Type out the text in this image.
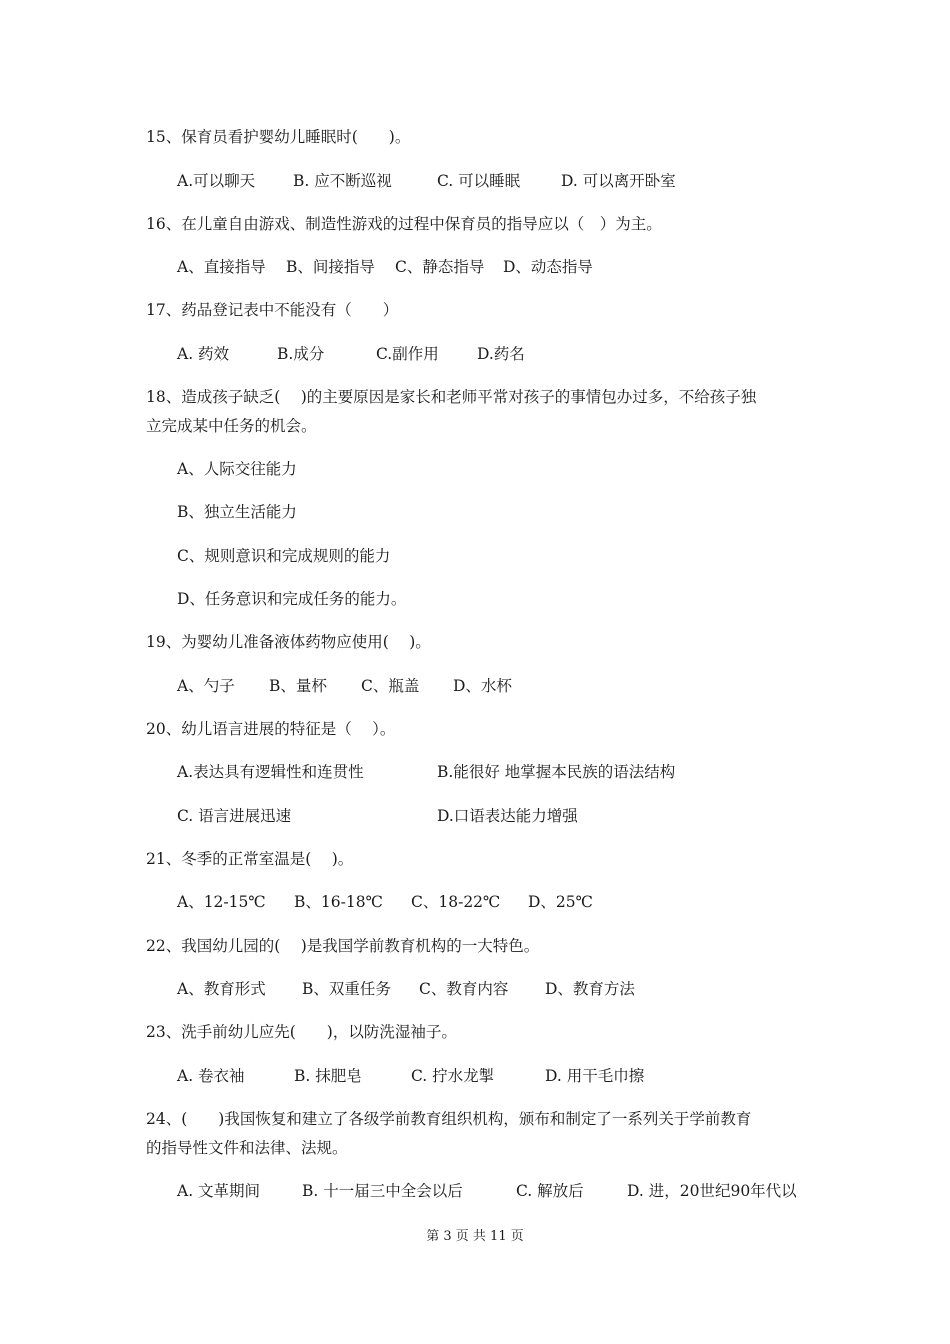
15、保育员看护婴幼儿睡眠时(　　)。
A.可以聊天 B. 应不断巡视	C. 可以睡眠	D. 可以离开卧室
16、在儿童自由游戏、制造性游戏的过程中保育员的指导应以（　）为主。
A、直接指导 B、间接指导 C、静态指导 D、动态指导
17、药品登记表中不能没有（　　）
A. 药效	B.成分	C.副作用 D.药名
18、造成孩子缺乏(　 )的主要原因是家长和老师平常对孩子的事情包办过多，不给孩子独
立完成某中任务的机会。
A、人际交往能力
B、独立生活能力
C、规则意识和完成规则的能力
D、任务意识和完成任务的能力。
19、为婴幼儿准备液体药物应使用(　 )。
A、勺子 B、量杯 C、瓶盖 D、水杯
20、幼儿语言进展的特征是（　 ）。
A.表达具有逻辑性和连贯性	B.能很好 地掌握本民族的语法结构
C. 语言进展迅速	D.口语表达能力增强
21、冬季的正常室温是(　 )。
A、12-15℃ B、16-18℃ C、18-22℃ D、25℃
22、我国幼儿园的(　 )是我国学前教育机构的一大特色。
A、教育形式 B、双重任务 C、教育内容 D、教育方法
23、洗手前幼儿应先(　　)，以防洗湿袖子。
A. 卷衣袖	B. 抹肥皂	C. 拧水龙掣	D. 用干毛巾擦
24、(　　)我国恢复和建立了各级学前教育组织机构，颁布和制定了一系列关于学前教育
的指导性文件和法律、法规。
A. 文革期间	B. 十一届三中全会以后	C. 解放后	D. 进，20世纪90年代以
第 3 页 共 11 页
